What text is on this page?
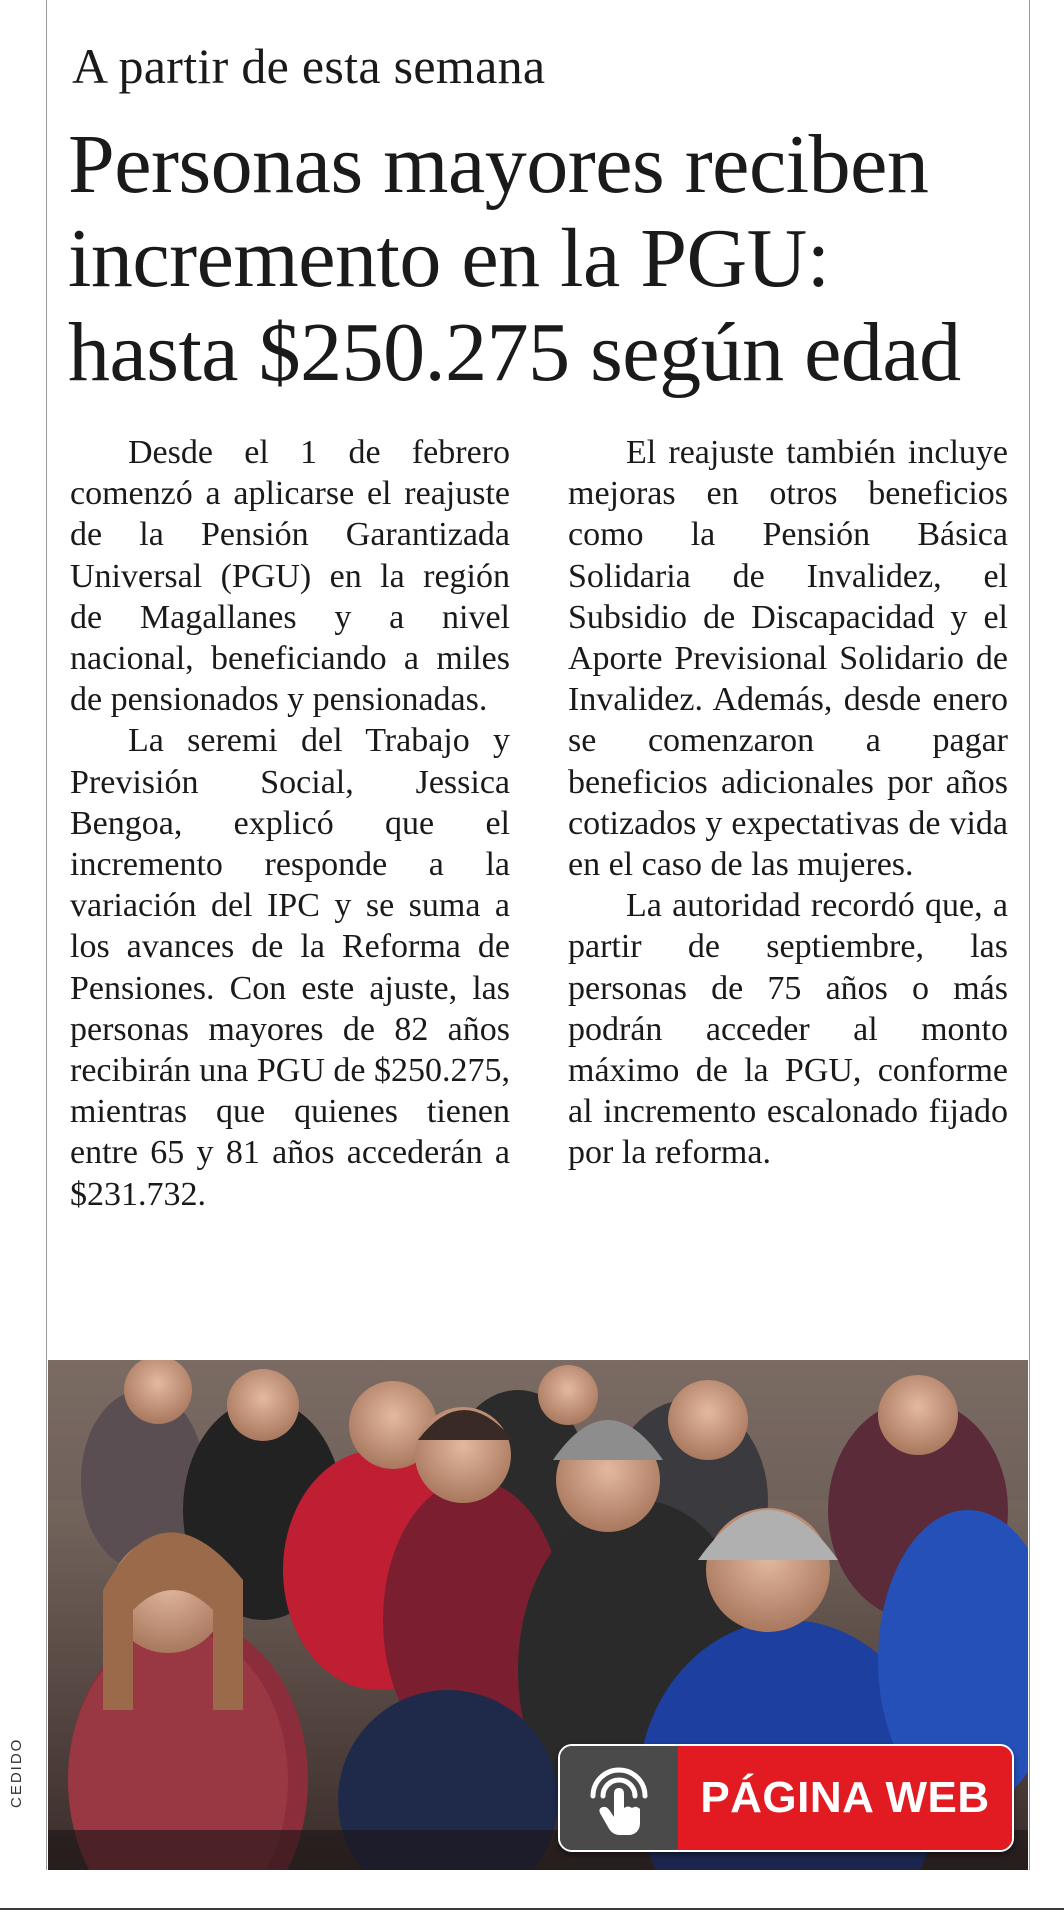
A partir de esta semana
Personas mayores reciben
incremento en la PGU:
hasta $250.275 según edad

Desde el 1 de febrero comenzó a aplicarse el reajuste de la Pensión Garantizada Universal (PGU) en la región de Magallanes y a nivel nacional, beneficiando a miles de pensionados y pensionadas.

La seremi del Trabajo y Previsión Social, Jessica Bengoa, explicó que el incremento responde a la variación del IPC y se suma a los avances de la Reforma de Pensiones. Con este ajuste, las personas mayores de 82 años recibirán una PGU de $250.275, mientras que quienes tienen entre 65 y 81 años accederán a $231.732.

El reajuste también incluye mejoras en otros beneficios como la Pensión Básica Solidaria de Invalidez, el Subsidio de Discapacidad y el Aporte Previsional Solidario de Invalidez. Además, desde enero se comenzaron a pagar beneficios adicionales por años cotizados y expectativas de vida en el caso de las mujeres.

La autoridad recordó que, a partir de septiembre, las personas de 75 años o más podrán acceder al monto máximo de la PGU, conforme al incremento escalonado fijado por la reforma.

CEDIDO	PÁGINA WEB
